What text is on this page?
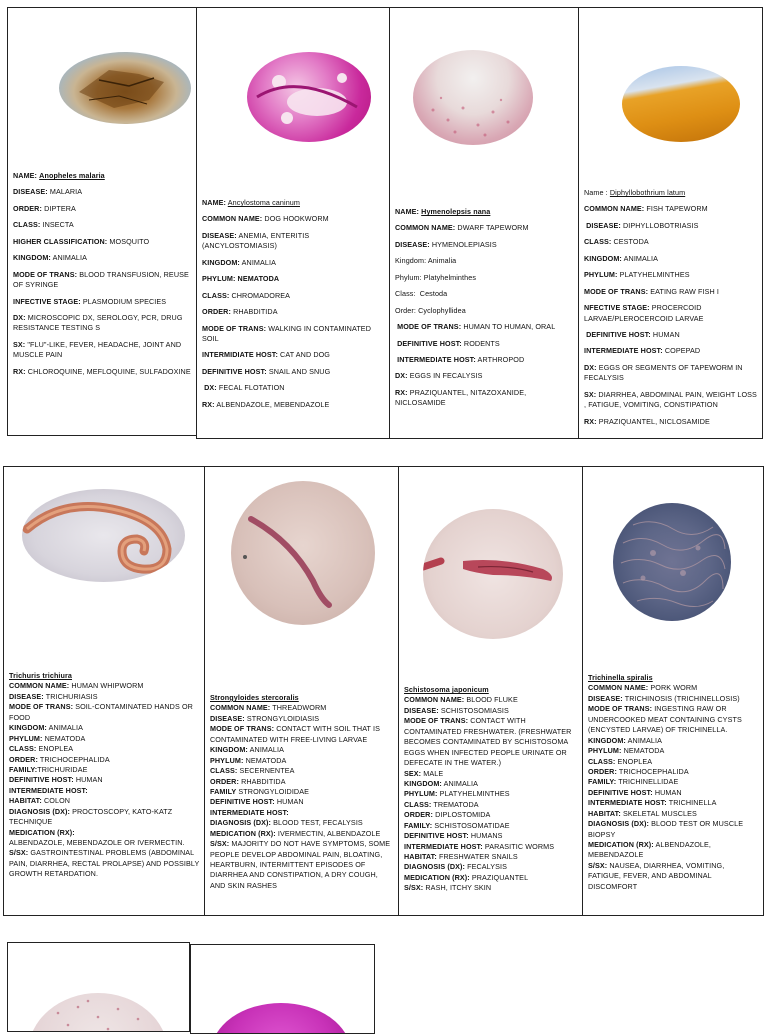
NAME: Anopheles malaria

DISEASE: MALARIA

ORDER: DIPTERA

CLASS: INSECTA

HIGHER CLASSIFICATION: MOSQUITO

KINGDOM: ANIMALIA

MODE OF TRANS: BLOOD TRANSFUSION, REUSE OF SYRINGE

INFECTIVE STAGE: PLASMODIUM SPECIES

DX: MICROSCOPIC DX, SEROLOGY, PCR, DRUG RESISTANCE TESTING S

SX: "FLU"-LIKE, FEVER, HEADACHE, JOINT AND MUSCLE PAIN

RX: CHLOROQUINE, MEFLOQUINE, SULFADOXINE

NAME: Ancylostoma caninum

COMMON NAME: DOG HOOKWORM

DISEASE: ANEMIA, ENTERITIS (ANCYLOSTOMIASIS)

KINGDOM: ANIMALIA

PHYLUM: NEMATODA

CLASS: CHROMADOREA

ORDER: RHABDITIDA

MODE OF TRANS: WALKING IN CONTAMINATED SOIL

INTERMIDIATE HOST: CAT AND DOG

DEFINITIVE HOST: SNAIL AND SNUG

DX: FECAL FLOTATION

RX: ALBENDAZOLE, MEBENDAZOLE

NAME: Hymenolepsis nana

COMMON NAME: DWARF TAPEWORM

DISEASE: HYMENOLEPIASIS

Kingdom: Animalia

Phylum: Platyhelminthes

Class: Cestoda

Order: Cyclophyllidea

MODE OF TRANS: HUMAN TO HUMAN, ORAL

DEFINITIVE HOST: RODENTS

INTERMEDIATE HOST: ARTHROPOD

DX: EGGS IN FECALYSIS

RX: PRAZIQUANTEL, NITAZOXANIDE, NICLOSAMIDE

Name : Diphyllobothrium latum

COMMON NAME: FISH TAPEWORM

DISEASE: DIPHYLLOBOTRIASIS

CLASS: CESTODA

KINGDOM: ANIMALIA

PHYLUM: PLATYHELMINTHES

MODE OF TRANS: EATING RAW FISH I

NFECTIVE STAGE: PROCERCOID LARVAE/PLEROCERCOID LARVAE

DEFINITIVE HOST: HUMAN

INTERMEDIATE HOST: COPEPAD

DX: EGGS OR SEGMENTS OF TAPEWORM IN FECALYSIS

SX: DIARRHEA, ABDOMINAL PAIN, WEIGHT LOSS , FATIGUE, VOMITING, CONSTIPATION

RX: PRAZIQUANTEL, NICLOSAMIDE

Trichuris trichiura

COMMON NAME: HUMAN WHIPWORM

DISEASE: TRICHURIASIS

MODE OF TRANS: SOIL-CONTAMINATED HANDS OR FOOD

KINGDOM: ANIMALIA

PHYLUM: NEMATODA

CLASS: ENOPLEA

ORDER: TRICHOCEPHALIDA

FAMILY:TRICHURIDAE

DEFINITIVE HOST: HUMAN

INTERMEDIATE HOST:

HABITAT: COLON

DIAGNOSIS (DX): PROCTOSCOPY, KATO-KATZ TECHNIQUE

MEDICATION (RX):
ALBENDAZOLE, MEBENDAZOLE OR IVERMECTIN.

S/SX: GASTROINTESTINAL PROBLEMS (ABDOMINAL PAIN, DIARRHEA, RECTAL PROLAPSE) AND POSSIBLY GROWTH RETARDATION.

Strongyloides stercoralis

COMMON NAME: THREADWORM

DISEASE: STRONGYLOIDIASIS

MODE OF TRANS: CONTACT WITH SOIL THAT IS CONTAMINATED WITH FREE-LIVING LARVAE

KINGDOM: ANIMALIA

PHYLUM: NEMATODA

CLASS: SECERNENTEA

ORDER: RHABDITIDA

FAMILY STRONGYLOIDIDAE

DEFINITIVE HOST: HUMAN

INTERMEDIATE HOST:

DIAGNOSIS (DX): BLOOD TEST, FECALYSIS

MEDICATION (RX): IVERMECTIN, ALBENDAZOLE

S/SX: MAJORITY DO NOT HAVE SYMPTOMS, SOME PEOPLE DEVELOP ABDOMINAL PAIN, BLOATING, HEARTBURN, INTERMITTENT EPISODES OF DIARRHEA AND CONSTIPATION, A DRY COUGH, AND SKIN RASHES

Schistosoma japonicum

COMMON NAME: BLOOD FLUKE

DISEASE: SCHISTOSOMIASIS

MODE OF TRANS: CONTACT WITH CONTAMINATED FRESHWATER. (FRESHWATER BECOMES CONTAMINATED BY SCHISTOSOMA EGGS WHEN INFECTED PEOPLE URINATE OR DEFECATE IN THE WATER.)

SEX: MALE

KINGDOM: ANIMALIA

PHYLUM: PLATYHELMINTHES

CLASS: TREMATODA

ORDER: DIPLOSTOMIDA

FAMILY: SCHISTOSOMATIDAE

DEFINITIVE HOST: HUMANS

INTERMEDIATE HOST: PARASITIC WORMS

HABITAT: FRESHWATER SNAILS

DIAGNOSIS (DX): FECALYSIS

MEDICATION (RX): PRAZIQUANTEL

S/SX: RASH, ITCHY SKIN

Trichinella spiralis

COMMON NAME: PORK WORM

DISEASE: TRICHINOSIS (TRICHINELLOSIS)

MODE OF TRANS: INGESTING RAW OR UNDERCOOKED MEAT CONTAINING CYSTS (ENCYSTED LARVAE) OF TRICHINELLA.

KINGDOM: ANIMALIA

PHYLUM: NEMATODA

CLASS: ENOPLEA

ORDER: TRICHOCEPHALIDA

FAMILY: TRICHINELLIDAE

DEFINITIVE HOST: HUMAN

INTERMEDIATE HOST: TRICHINELLA

HABITAT: SKELETAL MUSCLES

DIAGNOSIS (DX): BLOOD TEST OR MUSCLE BIOPSY

MEDICATION (RX): ALBENDAZOLE, MEBENDAZOLE

S/SX: NAUSEA, DIARRHEA, VOMITING, FATIGUE, FEVER, AND ABDOMINAL DISCOMFORT
